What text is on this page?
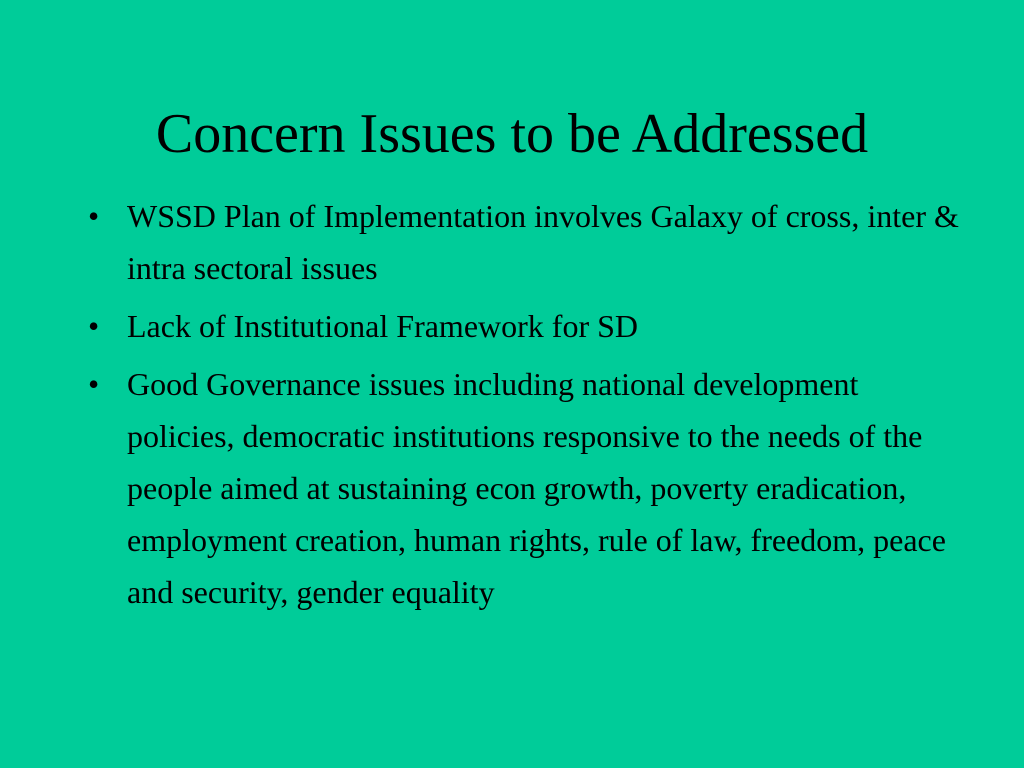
Concern Issues to be Addressed
• WSSD Plan of Implementation involves Galaxy of cross, inter & intra sectoral issues
• Lack of Institutional Framework for SD
• Good Governance issues including national development policies, democratic institutions responsive to the needs of the people aimed at sustaining econ growth, poverty eradication, employment creation, human rights, rule of law, freedom, peace and security, gender equality
